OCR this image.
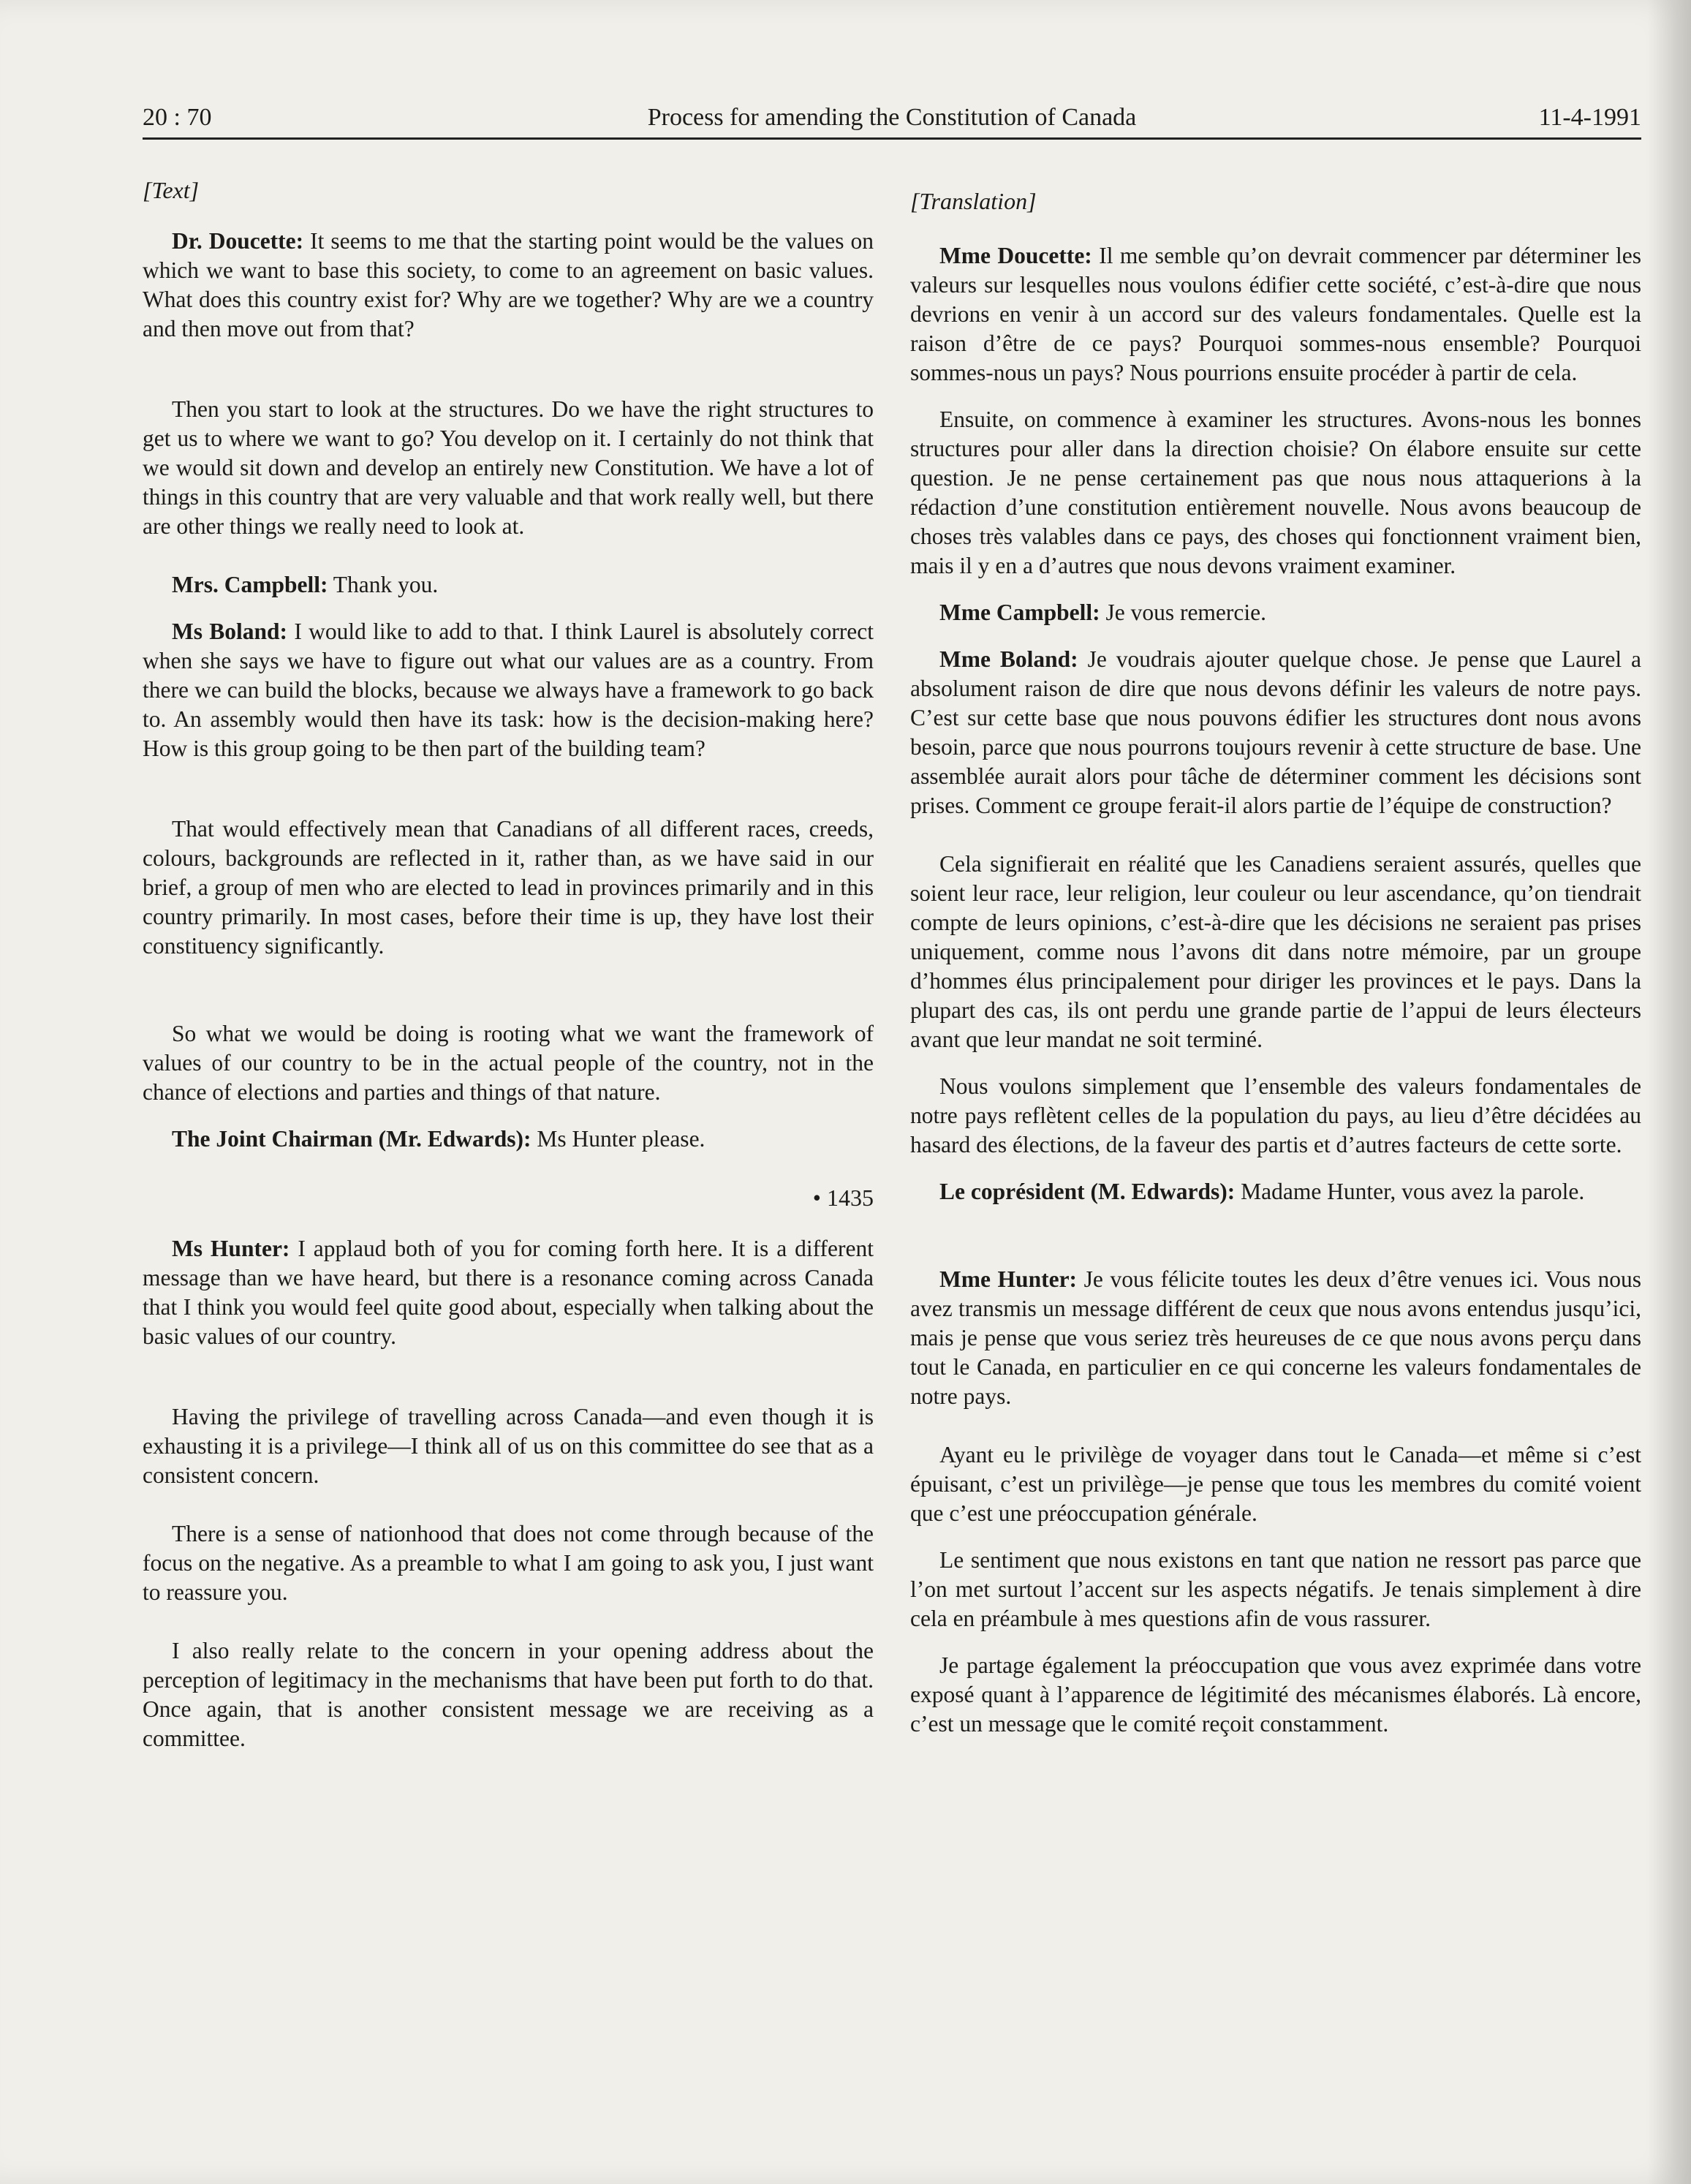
20 : 70	Process for amending the Constitution of Canada	11-4-1991
[Text]

Dr. Doucette: It seems to me that the starting point would be the values on which we want to base this society, to come to an agreement on basic values. What does this country exist for? Why are we together? Why are we a country and then move out from that?

Then you start to look at the structures. Do we have the right structures to get us to where we want to go? You develop on it. I certainly do not think that we would sit down and develop an entirely new Constitution. We have a lot of things in this country that are very valuable and that work really well, but there are other things we really need to look at.

Mrs. Campbell: Thank you.

Ms Boland: I would like to add to that. I think Laurel is absolutely correct when she says we have to figure out what our values are as a country. From there we can build the blocks, because we always have a framework to go back to. An assembly would then have its task: how is the decision-making here? How is this group going to be then part of the building team?

That would effectively mean that Canadians of all different races, creeds, colours, backgrounds are reflected in it, rather than, as we have said in our brief, a group of men who are elected to lead in provinces primarily and in this country primarily. In most cases, before their time is up, they have lost their constituency significantly.

So what we would be doing is rooting what we want the framework of values of our country to be in the actual people of the country, not in the chance of elections and parties and things of that nature.

The Joint Chairman (Mr. Edwards): Ms Hunter please.

• 1435

Ms Hunter: I applaud both of you for coming forth here. It is a different message than we have heard, but there is a resonance coming across Canada that I think you would feel quite good about, especially when talking about the basic values of our country.

Having the privilege of travelling across Canada—and even though it is exhausting it is a privilege—I think all of us on this committee do see that as a consistent concern.

There is a sense of nationhood that does not come through because of the focus on the negative. As a preamble to what I am going to ask you, I just want to reassure you.

I also really relate to the concern in your opening address about the perception of legitimacy in the mechanisms that have been put forth to do that. Once again, that is another consistent message we are receiving as a committee.

[Translation]

Mme Doucette: Il me semble qu’on devrait commencer par déterminer les valeurs sur lesquelles nous voulons édifier cette société, c’est-à-dire que nous devrions en venir à un accord sur des valeurs fondamentales. Quelle est la raison d’être de ce pays? Pourquoi sommes-nous ensemble? Pourquoi sommes-nous un pays? Nous pourrions ensuite procéder à partir de cela.

Ensuite, on commence à examiner les structures. Avons-nous les bonnes structures pour aller dans la direction choisie? On élabore ensuite sur cette question. Je ne pense certainement pas que nous nous attaquerions à la rédaction d’une constitution entièrement nouvelle. Nous avons beaucoup de choses très valables dans ce pays, des choses qui fonctionnent vraiment bien, mais il y en a d’autres que nous devons vraiment examiner.

Mme Campbell: Je vous remercie.

Mme Boland: Je voudrais ajouter quelque chose. Je pense que Laurel a absolument raison de dire que nous devons définir les valeurs de notre pays. C’est sur cette base que nous pouvons édifier les structures dont nous avons besoin, parce que nous pourrons toujours revenir à cette structure de base. Une assemblée aurait alors pour tâche de déterminer comment les décisions sont prises. Comment ce groupe ferait-il alors partie de l’équipe de construction?

Cela signifierait en réalité que les Canadiens seraient assurés, quelles que soient leur race, leur religion, leur couleur ou leur ascendance, qu’on tiendrait compte de leurs opinions, c’est-à-dire que les décisions ne seraient pas prises uniquement, comme nous l’avons dit dans notre mémoire, par un groupe d’hommes élus principalement pour diriger les provinces et le pays. Dans la plupart des cas, ils ont perdu une grande partie de l’appui de leurs électeurs avant que leur mandat ne soit terminé.

Nous voulons simplement que l’ensemble des valeurs fondamentales de notre pays reflètent celles de la population du pays, au lieu d’être décidées au hasard des élections, de la faveur des partis et d’autres facteurs de cette sorte.

Le coprésident (M. Edwards): Madame Hunter, vous avez la parole.

Mme Hunter: Je vous félicite toutes les deux d’être venues ici. Vous nous avez transmis un message différent de ceux que nous avons entendus jusqu’ici, mais je pense que vous seriez très heureuses de ce que nous avons perçu dans tout le Canada, en particulier en ce qui concerne les valeurs fondamentales de notre pays.

Ayant eu le privilège de voyager dans tout le Canada—et même si c’est épuisant, c’est un privilège—je pense que tous les membres du comité voient que c’est une préoccupation générale.

Le sentiment que nous existons en tant que nation ne ressort pas parce que l’on met surtout l’accent sur les aspects négatifs. Je tenais simplement à dire cela en préambule à mes questions afin de vous rassurer.

Je partage également la préoccupation que vous avez exprimée dans votre exposé quant à l’apparence de légitimité des mécanismes élaborés. Là encore, c’est un message que le comité reçoit constamment.
